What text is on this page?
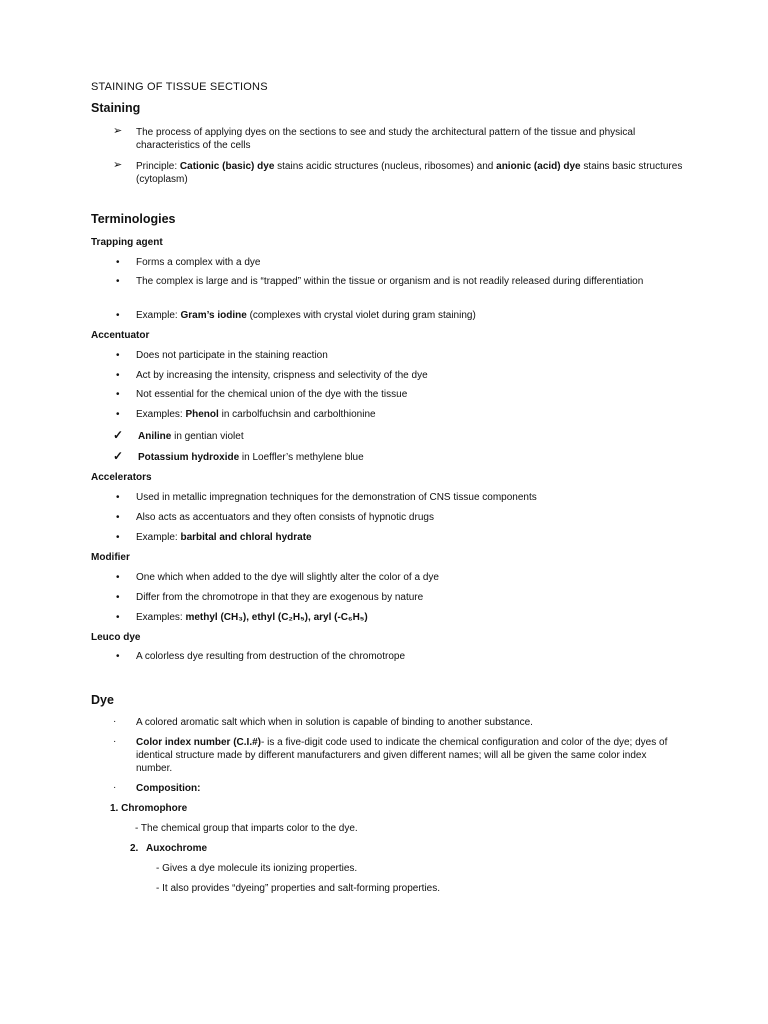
STAINING OF TISSUE SECTIONS
Staining
➢ The process of applying dyes on the sections to see and study the architectural pattern of the tissue and physical characteristics of the cells
➢ Principle: Cationic (basic) dye stains acidic structures (nucleus, ribosomes) and anionic (acid) dye stains basic structures (cytoplasm)
Terminologies
Trapping agent
• Forms a complex with a dye
• The complex is large and is “trapped” within the tissue or organism and is not readily released during differentiation
• Example: Gram’s iodine (complexes with crystal violet during gram staining)
Accentuator
• Does not participate in the staining reaction
• Act by increasing the intensity, crispness and selectivity of the dye
• Not essential for the chemical union of the dye with the tissue
• Examples: Phenol in carbolfuchsin and carbolthionine
✓ Aniline in gentian violet
✓ Potassium hydroxide in Loeffler’s methylene blue
Accelerators
• Used in metallic impregnation techniques for the demonstration of CNS tissue components
• Also acts as accentuators and they often consists of hypnotic drugs
• Example: barbital and chloral hydrate
Modifier
• One which when added to the dye will slightly alter the color of a dye
• Differ from the chromotrope in that they are exogenous by nature
• Examples: methyl (CH₃), ethyl (C₂H₅), aryl (-C₆H₅)
Leuco dye
• A colorless dye resulting from destruction of the chromotrope
Dye
· A colored aromatic salt which when in solution is capable of binding to another substance.
· Color index number (C.I.#)- is a five-digit code used to indicate the chemical configuration and color of the dye; dyes of identical structure made by different manufacturers and given different names; will all be given the same color index number.
· Composition:
1. Chromophore
- The chemical group that imparts color to the dye.
2. Auxochrome
- Gives a dye molecule its ionizing properties.
- It also provides “dyeing” properties and salt-forming properties.
